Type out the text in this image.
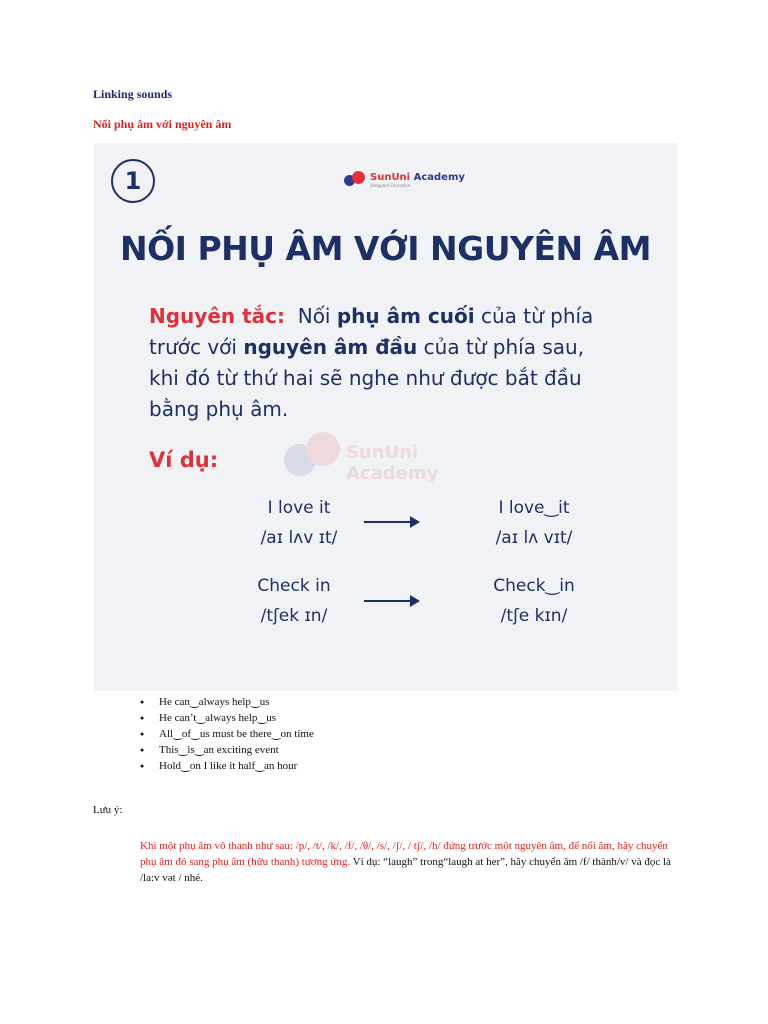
Linking sounds
Nối phụ âm với nguyên âm
1	SunUni Academy
Vanguard Education
NỐI PHỤ ÂM VỚI NGUYÊN ÂM
SunUni Academy
Nguyên tắc: Nối phụ âm cuối của từ phía trước với nguyên âm đầu của từ phía sau, khi đó từ thứ hai sẽ nghe như được bắt đầu bằng phụ âm.
Ví dụ:
I love it
/aɪ lʌv ɪt/
I love‿it
/aɪ lʌ vɪt/
Check in
/tʃek ɪn/
Check‿in
/tʃe kɪn/
● He can‿always help‿us
● He can’t‿always help‿us
● All‿of‿us must be there‿on time
● This‿is‿an exciting event
● Hold‿on I like it half‿an hour
Lưu ý:
Khi một phụ âm vô thanh như sau: /p/, /t/, /k/, /f/, /θ/, /s/, /ʃ/, / tʃ/, /h/ đứng trước một nguyên âm, để nối âm, hãy chuyển phụ âm đó sang phụ âm (hữu thanh) tương ứng. Ví dụ: “laugh” trong“laugh at her”, hãy chuyển âm /f/ thành/v/ và đọc là /la:v vət / nhé.
